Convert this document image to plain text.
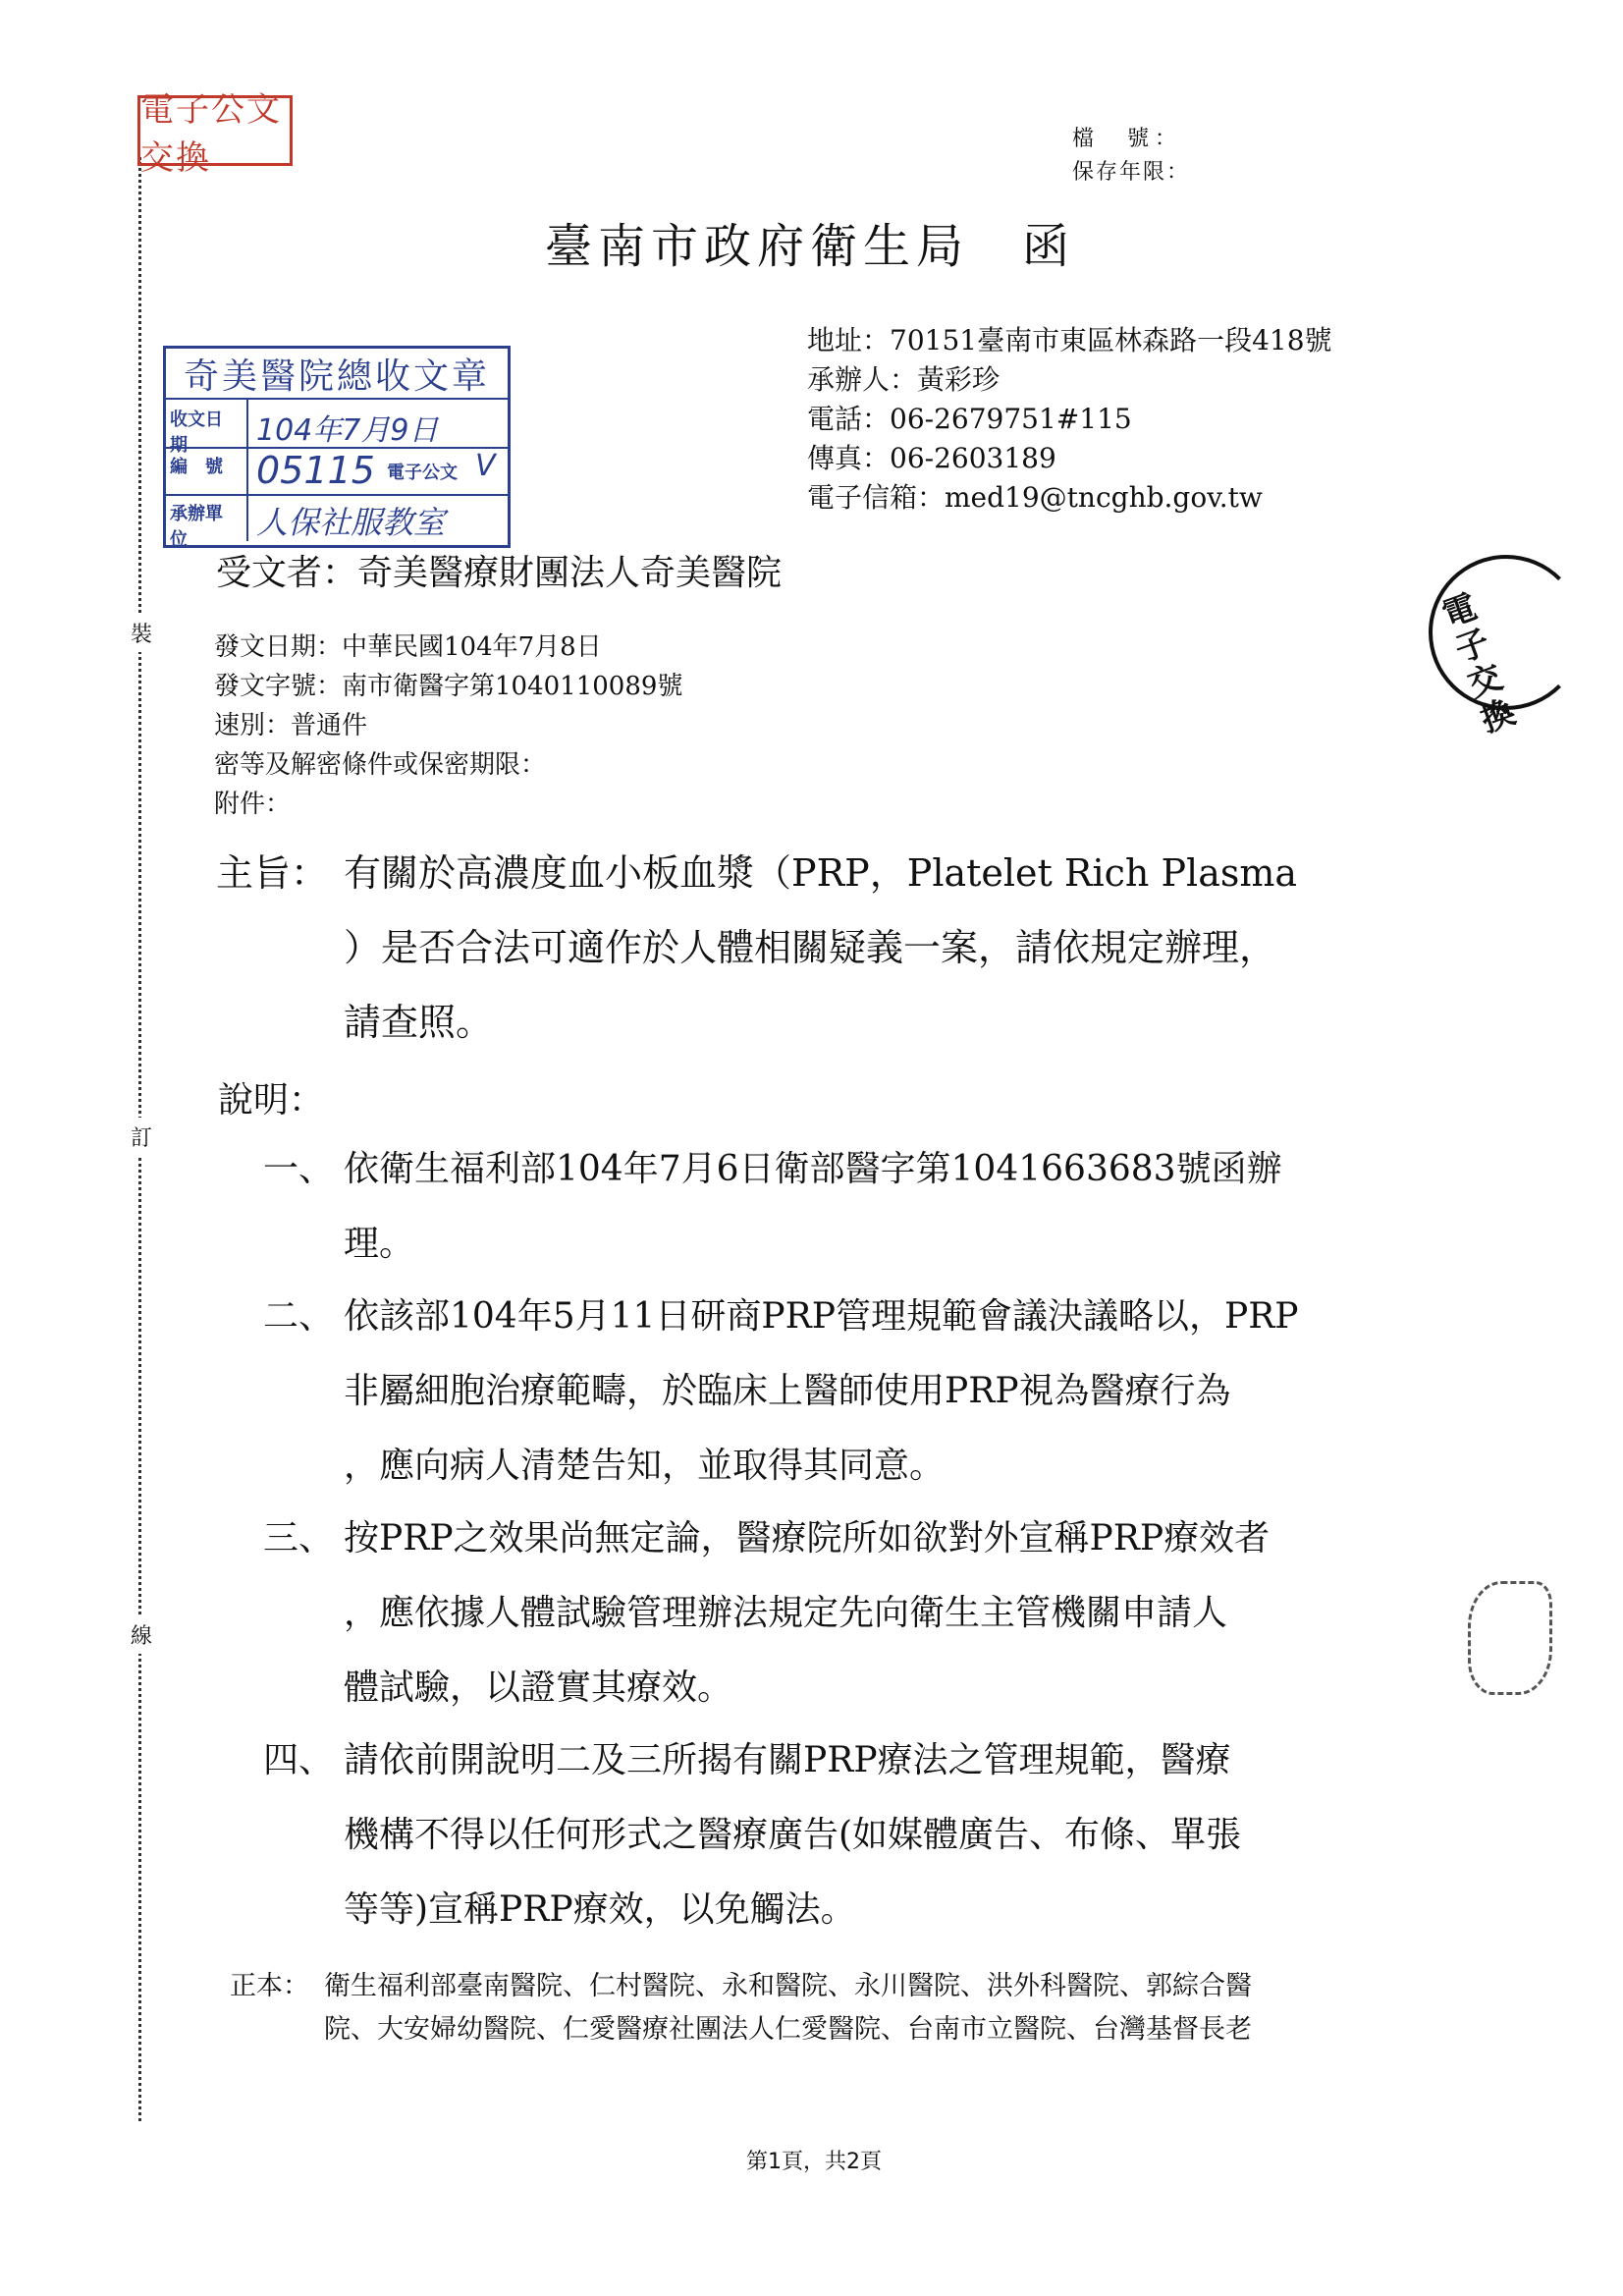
裝
訂
線
電子公文交換
奇美醫院總收文章
收文日期	104年7月9日
編　號 05115 電子公文 V
承辦單位	人保社服教室
電子交換
檔　號：
保存年限：
臺南市政府衛生局　函
地址：70151臺南市東區林森路一段418號
承辦人：黃彩珍
電話：06-2679751#115
傳真：06-2603189
電子信箱：med19@tncghb.gov.tw
受文者：奇美醫療財團法人奇美醫院
發文日期：中華民國104年7月8日
發文字號：南市衛醫字第1040110089號
速別：普通件
密等及解密條件或保密期限：
附件：
主旨： 有關於高濃度血小板血漿（PRP，Platelet Rich Plasma
）是否合法可適作於人體相關疑義一案，請依規定辦理，
請查照。
說明：
一、 依衛生福利部104年7月6日衛部醫字第1041663683號函辦
理。
二、 依該部104年5月11日研商PRP管理規範會議決議略以，PRP
非屬細胞治療範疇，於臨床上醫師使用PRP視為醫療行為
，應向病人清楚告知，並取得其同意。
三、 按PRP之效果尚無定論，醫療院所如欲對外宣稱PRP療效者
，應依據人體試驗管理辦法規定先向衛生主管機關申請人
體試驗，以證實其療效。
四、 請依前開說明二及三所揭有關PRP療法之管理規範，醫療
機構不得以任何形式之醫療廣告(如媒體廣告、布條、單張
等等)宣稱PRP療效，以免觸法。
正本： 衛生福利部臺南醫院、仁村醫院、永和醫院、永川醫院、洪外科醫院、郭綜合醫
院、大安婦幼醫院、仁愛醫療社團法人仁愛醫院、台南市立醫院、台灣基督長老
第1頁，共2頁
